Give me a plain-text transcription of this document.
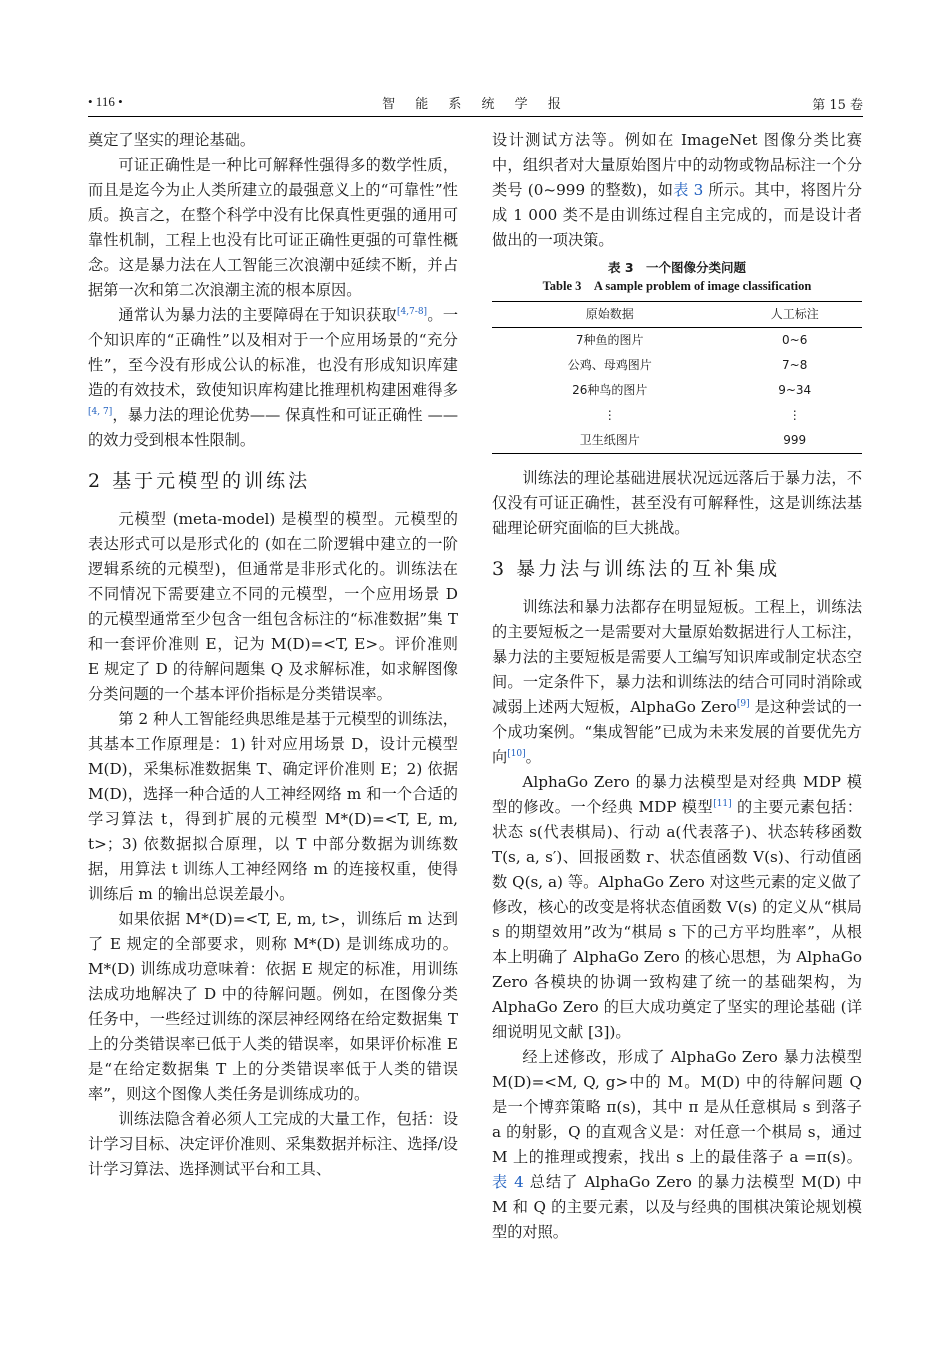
• 116 •	智 能 系 统 学 报	第 15 卷

奠定了坚实的理论基础。

可证正确性是一种比可解释性强得多的数学性质，而且是迄今为止人类所建立的最强意义上的“可靠性”性质。换言之，在整个科学中没有比保真性更强的通用可靠性机制，工程上也没有比可证正确性更强的可靠性概念。这是暴力法在人工智能三次浪潮中延续不断，并占据第一次和第二次浪潮主流的根本原因。

通常认为暴力法的主要障碍在于知识获取[4,7-8]。一个知识库的“正确性”以及相对于一个应用场景的“充分性”，至今没有形成公认的标准，也没有形成知识库建造的有效技术，致使知识库构建比推理机构建困难得多[4, 7]，暴力法的理论优势—— 保真性和可证正确性 —— 的效力受到根本性限制。

2 基于元模型的训练法

元模型 (meta-model) 是模型的模型。元模型的表达形式可以是形式化的 (如在二阶逻辑中建立的一阶逻辑系统的元模型)，但通常是非形式化的。训练法在不同情况下需要建立不同的元模型，一个应用场景 D 的元模型通常至少包含一组包含标注的“标准数据”集 T 和一套评价准则 E，记为 M(D)=<T, E>。评价准则 E 规定了 D 的待解问题集 Q 及求解标准，如求解图像分类问题的一个基本评价指标是分类错误率。

第 2 种人工智能经典思维是基于元模型的训练法，其基本工作原理是：1) 针对应用场景 D，设计元模型 M(D)，采集标准数据集 T、确定评价准则 E；2) 依据 M(D)，选择一种合适的人工神经网络 m 和一个合适的学习算法 t，得到扩展的元模型 M*(D)=<T, E, m, t>；3) 依数据拟合原理，以 T 中部分数据为训练数据，用算法 t 训练人工神经网络 m 的连接权重，使得训练后 m 的输出总误差最小。

如果依据 M*(D)=<T, E, m, t>，训练后 m 达到了 E 规定的全部要求，则称 M*(D) 是训练成功的。M*(D) 训练成功意味着：依据 E 规定的标准，用训练法成功地解决了 D 中的待解问题。例如，在图像分类任务中，一些经过训练的深层神经网络在给定数据集 T 上的分类错误率已低于人类的错误率，如果评价标准 E 是“在给定数据集 T 上的分类错误率低于人类的错误率”，则这个图像人类任务是训练成功的。

训练法隐含着必须人工完成的大量工作，包括：设计学习目标、决定评价准则、采集数据并标注、选择/设计学习算法、选择测试平台和工具、

设计测试方法等。例如在 ImageNet 图像分类比赛中，组织者对大量原始图片中的动物或物品标注一个分类号 (0~999 的整数)，如表 3 所示。其中，将图片分成 1 000 类不是由训练过程自主完成的，而是设计者做出的一项决策。

表 3　一个图像分类问题
Table 3　A sample problem of image classification
原始数据	人工标注
7种鱼的图片	0~6
公鸡、母鸡图片	7~8
26种鸟的图片	9~34
⋮	⋮
卫生纸图片	999

训练法的理论基础进展状况远远落后于暴力法，不仅没有可证正确性，甚至没有可解释性，这是训练法基础理论研究面临的巨大挑战。

3 暴力法与训练法的互补集成

训练法和暴力法都存在明显短板。工程上，训练法的主要短板之一是需要对大量原始数据进行人工标注，暴力法的主要短板是需要人工编写知识库或制定状态空间。一定条件下，暴力法和训练法的结合可同时消除或减弱上述两大短板，AlphaGo Zero[9] 是这种尝试的一个成功案例。“集成智能”已成为未来发展的首要优先方向[10]。

AlphaGo Zero 的暴力法模型是对经典 MDP 模型的修改。一个经典 MDP 模型[11] 的主要元素包括：状态 s(代表棋局)、行动 a(代表落子)、状态转移函数 T(s, a, s′)、回报函数 r、状态值函数 V(s)、行动值函数 Q(s, a) 等。AlphaGo Zero 对这些元素的定义做了修改，核心的改变是将状态值函数 V(s) 的定义从“棋局 s 的期望效用”改为“棋局 s 下的己方平均胜率”，从根本上明确了 AlphaGo Zero 的核心思想，为 AlphaGo Zero 各模块的协调一致构建了统一的基础架构，为 AlphaGo Zero 的巨大成功奠定了坚实的理论基础 (详细说明见文献 [3])。

经上述修改，形成了 AlphaGo Zero 暴力法模型 M(D)=<M, Q, g>中的 M。M(D) 中的待解问题 Q 是一个博弈策略 π(s)，其中 π 是从任意棋局 s 到落子 a 的射影，Q 的直观含义是：对任意一个棋局 s，通过 M 上的推理或搜索，找出 s 上的最佳落子 a =π(s)。表 4 总结了 AlphaGo Zero 的暴力法模型 M(D) 中 M 和 Q 的主要元素，以及与经典的围棋决策论规划模型的对照。
